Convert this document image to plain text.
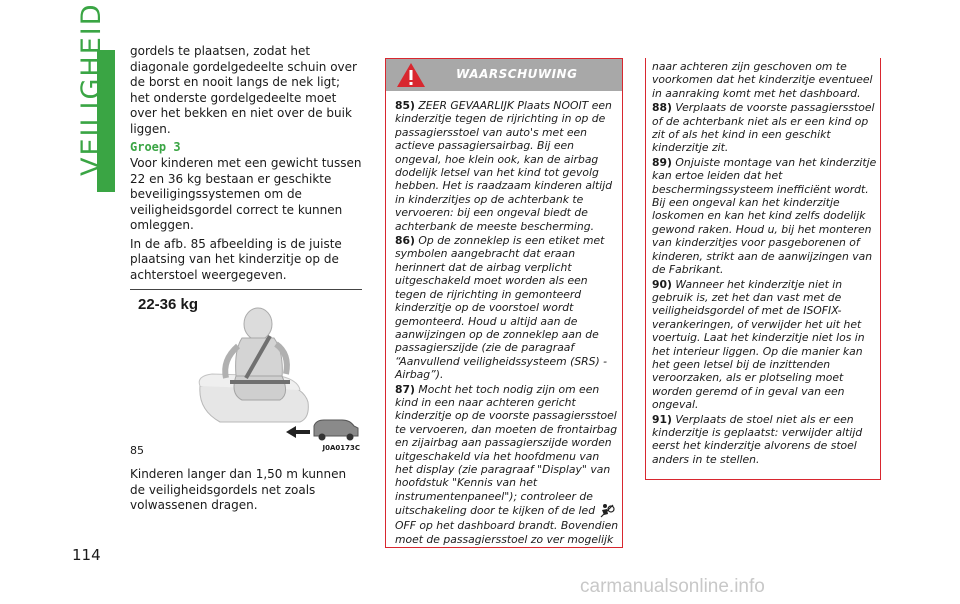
VEILIGHEID
114

gordels te plaatsen, zodat het diagonale gordelgedeelte schuin over de borst en nooit langs de nek ligt; het onderste gordelgedeelte moet over het bekken en niet over de buik liggen.

Groep 3

Voor kinderen met een gewicht tussen 22 en 36 kg bestaan er geschikte beveiligingssystemen om de veiligheidsgordel correct te kunnen omleggen.

In de afb. 85 afbeelding is de juiste plaatsing van het kinderzitje op de achterstoel weergegeven.

22-36 kg
85	J0A0173C

Kinderen langer dan 1,50 m kunnen de veiligheidsgordels net zoals volwassenen dragen.

WAARSCHUWING

85) ZEER GEVAARLIJK Plaats NOOIT een kinderzitje tegen de rijrichting in op de passagiersstoel van auto's met een actieve passagiersairbag. Bij een ongeval, hoe klein ook, kan de airbag dodelijk letsel van het kind tot gevolg hebben. Het is raadzaam kinderen altijd in kinderzitjes op de achterbank te vervoeren: bij een ongeval biedt de achterbank de meeste bescherming.

86) Op de zonneklep is een etiket met symbolen aangebracht dat eraan herinnert dat de airbag verplicht uitgeschakeld moet worden als een tegen de rijrichting in gemonteerd kinderzitje op de voorstoel wordt gemonteerd. Houd u altijd aan de aanwijzingen op de zonneklep aan de passagierszijde (zie de paragraaf “Aanvullend veiligheidssysteem (SRS) - Airbag”).

87) Mocht het toch nodig zijn om een kind in een naar achteren gericht kinderzitje op de voorste passagiersstoel te vervoeren, dan moeten de frontairbag en zijairbag aan passagierszijde worden uitgeschakeld via het hoofdmenu van het display (zie paragraaf "Display" van hoofdstuk "Kennis van het instrumentenpaneel"); controleer de uitschakeling door te kijken of de led  OFF op het dashboard brandt. Bovendien moet de passagiersstoel zo ver mogelijk

naar achteren zijn geschoven om te voorkomen dat het kinderzitje eventueel in aanraking komt met het dashboard.

88) Verplaats de voorste passagiersstoel of de achterbank niet als er een kind op zit of als het kind in een geschikt kinderzitje zit.

89) Onjuiste montage van het kinderzitje kan ertoe leiden dat het beschermingssysteem inefficiënt wordt. Bij een ongeval kan het kinderzitje loskomen en kan het kind zelfs dodelijk gewond raken. Houd u, bij het monteren van kinderzitjes voor pasgeborenen of kinderen, strikt aan de aanwijzingen van de Fabrikant.

90) Wanneer het kinderzitje niet in gebruik is, zet het dan vast met de veiligheidsgordel of met de ISOFIX-verankeringen, of verwijder het uit het voertuig. Laat het kinderzitje niet los in het interieur liggen. Op die manier kan het geen letsel bij de inzittenden veroorzaken, als er plotseling moet worden geremd of in geval van een ongeval.

91) Verplaats de stoel niet als er een kinderzitje is geplaatst: verwijder altijd eerst het kinderzitje alvorens de stoel anders in te stellen.

carmanualsonline.info
